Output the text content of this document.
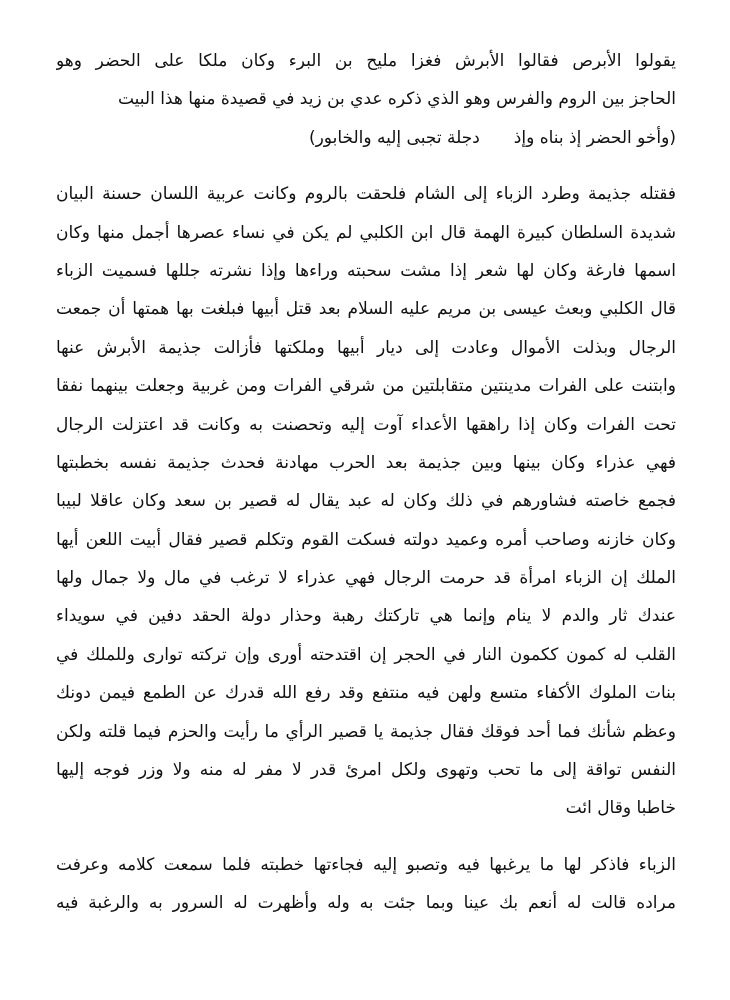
يقولوا الأبرص فقالوا الأبرش فغزا مليح بن البرء وكان ملكا على الحضر وهو
الحاجز بين الروم والفرس وهو الذي ذكره عدي بن زيد في قصيدة منها هذا البيت
(وأخو الحضر إذ بناه وإذدجلة تجبى إليه والخابور)
فقتله جذيمة وطرد الزباء إلى الشام فلحقت بالروم وكانت عربية اللسان حسنة البيان
شديدة السلطان كبيرة الهمة قال ابن الكلبي لم يكن في نساء عصرها أجمل منها وكان
اسمها فارغة وكان لها شعر إذا مشت سحبته وراءها وإذا نشرته جللها فسميت الزباء
قال الكلبي وبعث عيسى بن مريم عليه السلام بعد قتل أبيها فبلغت بها همتها أن جمعت
الرجال وبذلت الأموال وعادت إلى ديار أبيها وملكتها فأزالت جذيمة الأبرش عنها
وابتنت على الفرات مدينتين متقابلتين من شرقي الفرات ومن غربية وجعلت بينهما نفقا
تحت الفرات وكان إذا راهقها الأعداء آوت إليه وتحصنت به وكانت قد اعتزلت الرجال
فهي عذراء وكان بينها وبين جذيمة بعد الحرب مهادنة فحدث جذيمة نفسه بخطبتها
فجمع خاصته فشاورهم في ذلك وكان له عبد يقال له قصير بن سعد وكان عاقلا لبيبا
وكان خازنه وصاحب أمره وعميد دولته فسكت القوم وتكلم قصير فقال أبيت اللعن أيها
الملك إن الزباء امرأة قد حرمت الرجال فهي عذراء لا ترغب في مال ولا جمال ولها
عندك ثار والدم لا ينام وإنما هي تاركتك رهبة وحذار دولة الحقد دفين في سويداء
القلب له كمون ككمون النار في الحجر إن اقتدحته أورى وإن تركته توارى وللملك في
بنات الملوك الأكفاء متسع ولهن فيه منتفع وقد رفع الله قدرك عن الطمع فيمن دونك
وعظم شأنك فما أحد فوقك فقال جذيمة يا قصير الرأي ما رأيت والحزم فيما قلته ولكن
النفس تواقة إلى ما تحب وتهوى ولكل امرئ قدر لا مفر له منه ولا وزر فوجه إليها
خاطبا وقال ائت
الزباء فاذكر لها ما يرغبها فيه وتصبو إليه فجاءتها خطبته فلما سمعت كلامه وعرفت
مراده قالت له أنعم بك عينا وبما جئت به وله وأظهرت له السرور به والرغبة فيه
